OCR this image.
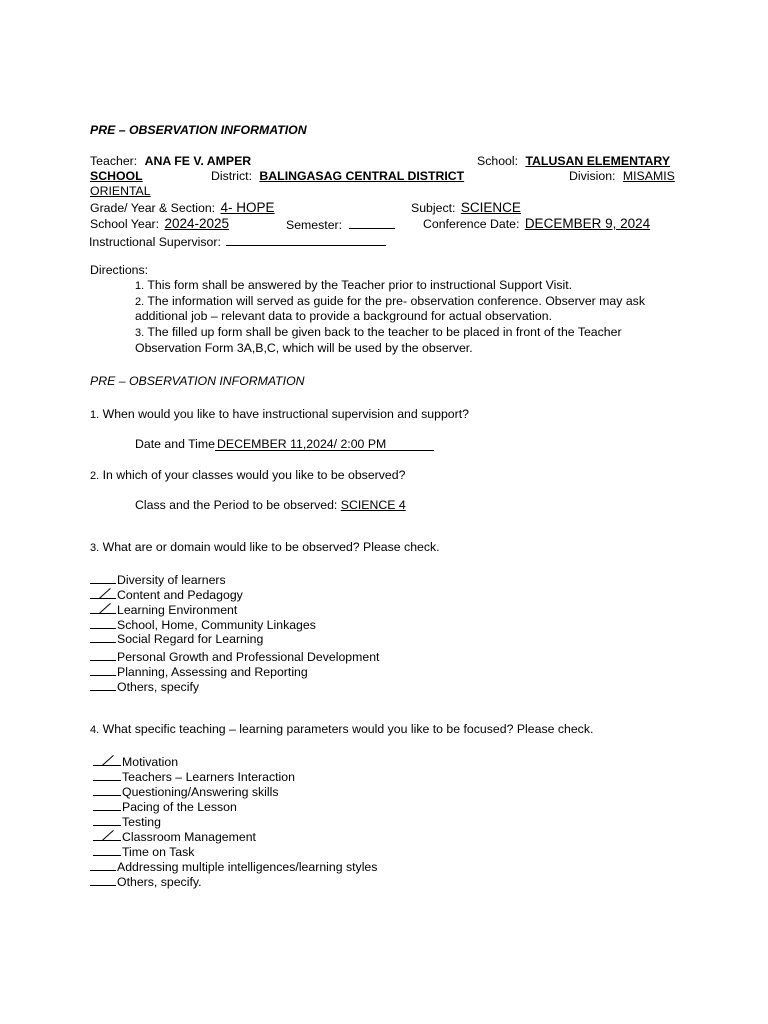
PRE – OBSERVATION INFORMATION
Teacher: ANA FE V. AMPER	School: TALUSAN ELEMENTARY
SCHOOL	District: BALINGASAG CENTRAL DISTRICT	Division: MISAMIS
ORIENTAL
Grade/ Year & Section: 4- HOPE	Subject: SCIENCE
School Year: 2024-2025	Semester:	Conference Date: DECEMBER 9, 2024
Instructional Supervisor:
Directions:
1. This form shall be answered by the Teacher prior to instructional Support Visit.
2. The information will served as guide for the pre- observation conference. Observer may ask
additional job – relevant data to provide a background for actual observation.
3. The filled up form shall be given back to the teacher to be placed in front of the Teacher
Observation Form 3A,B,C, which will be used by the observer.
PRE – OBSERVATION INFORMATION
1. When would you like to have instructional supervision and support?
Date and Time DECEMBER 11,2024/ 2:00 PM
2. In which of your classes would you like to be observed?
Class and the Period to be observed: SCIENCE 4
3. What are or domain would like to be observed? Please check.
Diversity of learners
Content and Pedagogy
Learning Environment
School, Home, Community Linkages
Social Regard for Learning
Personal Growth and Professional Development
Planning, Assessing and Reporting
Others, specify
4. What specific teaching – learning parameters would you like to be focused? Please check.
Motivation
Teachers – Learners Interaction
Questioning/Answering skills
Pacing of the Lesson
Testing
Classroom Management
Time on Task
Addressing multiple intelligences/learning styles
Others, specify.
